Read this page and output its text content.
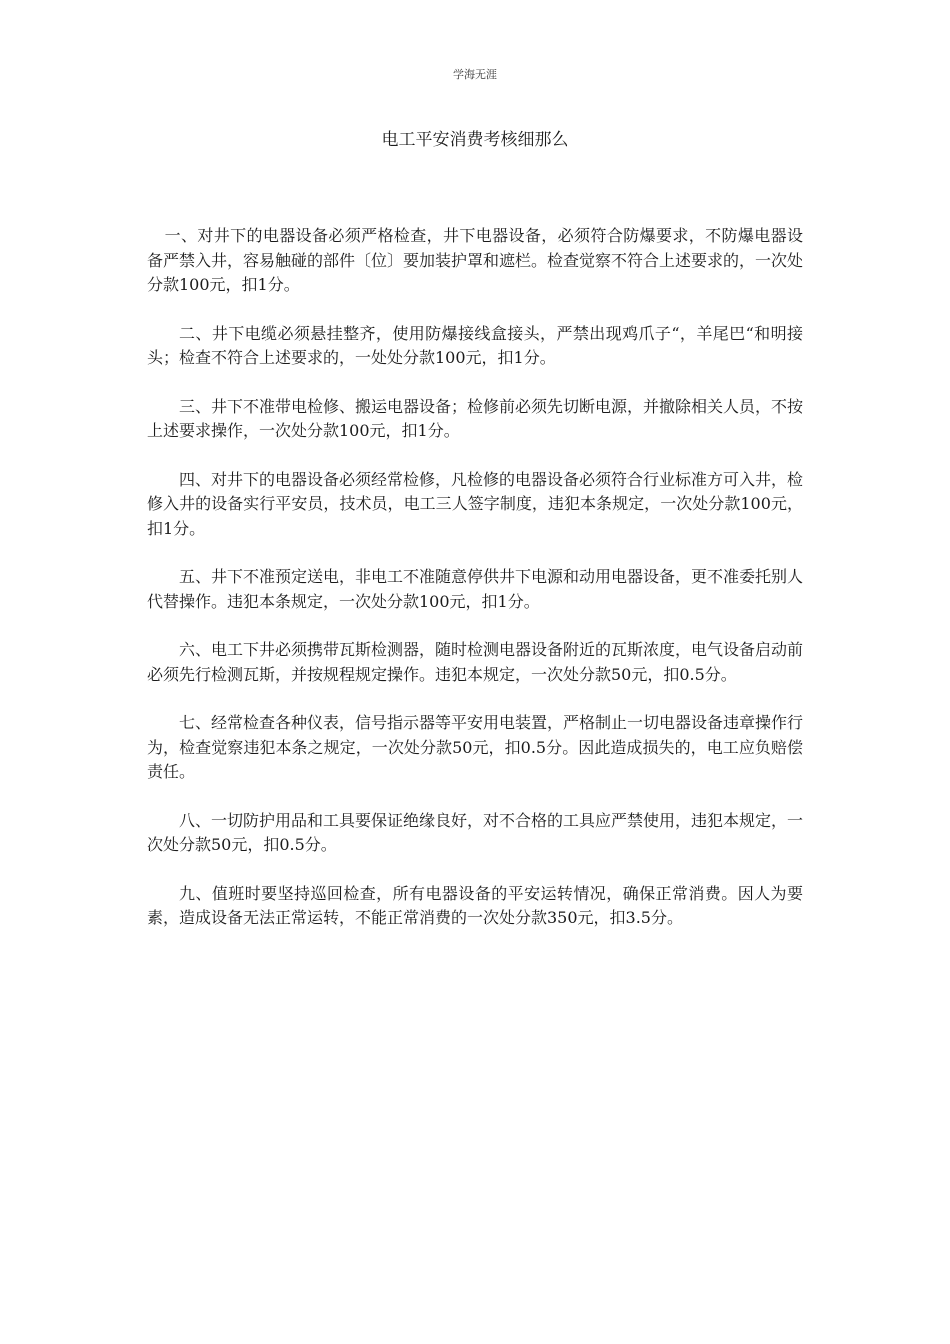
学海无涯
电工平安消费考核细那么

一、对井下的电器设备必须严格检查，井下电器设备，必须符合防爆要求，不防爆电器设备严禁入井，容易触碰的部件〔位〕要加装护罩和遮栏。检查觉察不符合上述要求的，一次处分款100元，扣1分。

二、井下电缆必须悬挂整齐，使用防爆接线盒接头，严禁出现鸡爪子“，羊尾巴“和明接头；检查不符合上述要求的，一处处分款100元，扣1分。

三、井下不准带电检修、搬运电器设备；检修前必须先切断电源，并撤除相关人员，不按上述要求操作，一次处分款100元，扣1分。

四、对井下的电器设备必须经常检修，凡检修的电器设备必须符合行业标准方可入井，检修入井的设备实行平安员，技术员，电工三人签字制度，违犯本条规定，一次处分款100元，扣1分。

五、井下不准预定送电，非电工不准随意停供井下电源和动用电器设备，更不准委托别人代替操作。违犯本条规定，一次处分款100元，扣1分。

六、电工下井必须携带瓦斯检测器，随时检测电器设备附近的瓦斯浓度，电气设备启动前必须先行检测瓦斯，并按规程规定操作。违犯本规定，一次处分款50元，扣0.5分。

七、经常检查各种仪表，信号指示器等平安用电装置，严格制止一切电器设备违章操作行为，检查觉察违犯本条之规定，一次处分款50元，扣0.5分。因此造成损失的，电工应负赔偿责任。

八、一切防护用品和工具要保证绝缘良好，对不合格的工具应严禁使用，违犯本规定，一次处分款50元，扣0.5分。

九、值班时要坚持巡回检查，所有电器设备的平安运转情况，确保正常消费。因人为要素，造成设备无法正常运转，不能正常消费的一次处分款350元，扣3.5分。
